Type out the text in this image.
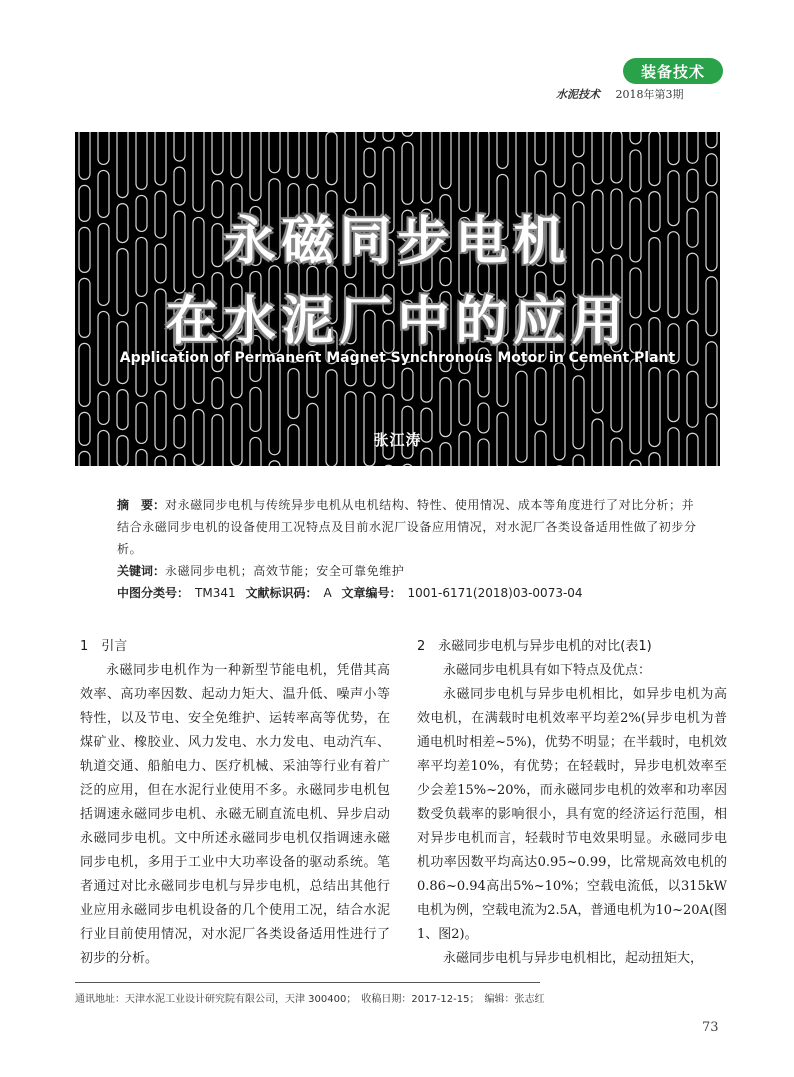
装备技术
水泥技术 2018年第3期
永磁同步电机
在水泥厂中的应用
Application of Permanent Magnet Synchronous Motor in Cement Plant
张江涛

摘　要：对永磁同步电机与传统异步电机从电机结构、特性、使用情况、成本等角度进行了对比分析；并结合永磁同步电机的设备使用工况特点及目前水泥厂设备应用情况，对水泥厂各类设备适用性做了初步分析。

关键词：永磁同步电机；高效节能；安全可靠免维护

中图分类号： TM341 文献标识码： A 文章编号： 1001-6171(2018)03-0073-04

1　引言

永磁同步电机作为一种新型节能电机，凭借其高效率、高功率因数、起动力矩大、温升低、噪声小等特性，以及节电、安全免维护、运转率高等优势，在煤矿业、橡胶业、风力发电、水力发电、电动汽车、轨道交通、船舶电力、医疗机械、采油等行业有着广泛的应用，但在水泥行业使用不多。永磁同步电机包括调速永磁同步电机、永磁无刷直流电机、异步启动永磁同步电机。文中所述永磁同步电机仅指调速永磁同步电机，多用于工业中大功率设备的驱动系统。笔者通过对比永磁同步电机与异步电机，总结出其他行业应用永磁同步电机设备的几个使用工况，结合水泥行业目前使用情况，对水泥厂各类设备适用性进行了初步的分析。

2　永磁同步电机与异步电机的对比(表1)

永磁同步电机具有如下特点及优点：

永磁同步电机与异步电机相比，如异步电机为高效电机，在满载时电机效率平均差2%(异步电机为普通电机时相差~5%)，优势不明显；在半载时，电机效率平均差10%，有优势；在轻载时，异步电机效率至少会差15%~20%，而永磁同步电机的效率和功率因数受负载率的影响很小，具有宽的经济运行范围，相对异步电机而言，轻载时节电效果明显。永磁同步电机功率因数平均高达0.95~0.99，比常规高效电机的0.86~0.94高出5%~10%；空载电流低，以315kW电机为例，空载电流为2.5A，普通电机为10~20A(图1、图2)。

永磁同步电机与异步电机相比，起动扭矩大，

通讯地址：天津水泥工业设计研究院有限公司，天津 300400；　收稿日期：2017-12-15；　编辑：张志红
73
